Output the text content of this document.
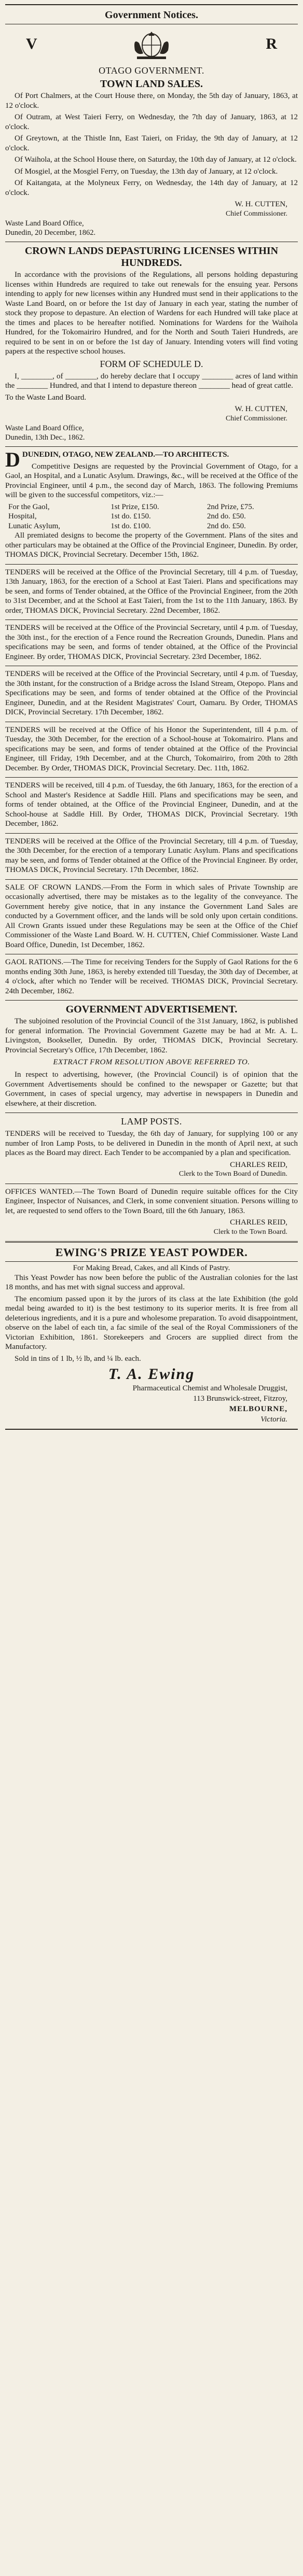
Government Notices.
V	R
OTAGO GOVERNMENT.
TOWN LAND SALES.

Of Port Chalmers, at the Court House there, on Monday, the 5th day of January, 1863, at 12 o'clock.

Of Outram, at West Taieri Ferry, on Wednesday, the 7th day of January, 1863, at 12 o'clock.

Of Greytown, at the Thistle Inn, East Taieri, on Friday, the 9th day of January, at 12 o'clock.

Of Waihola, at the School House there, on Saturday, the 10th day of January, at 12 o'clock.

Of Mosgiel, at the Mosgiel Ferry, on Tuesday, the 13th day of January, at 12 o'clock.

Of Kaitangata, at the Molyneux Ferry, on Wednesday, the 14th day of January, at 12 o'clock.

W. H. CUTTEN,
Chief Commissioner.
Waste Land Board Office,
Dunedin, 20 December, 1862.
CROWN LANDS DEPASTURING LICENSES WITHIN HUNDREDS.

In accordance with the provisions of the Regulations, all persons holding depasturing licenses within Hundreds are required to take out renewals for the ensuing year. Persons intending to apply for new licenses within any Hundred must send in their applications to the Waste Land Board, on or before the 1st day of January in each year, stating the number of stock they propose to depasture. An election of Wardens for each Hundred will take place at the times and places to be hereafter notified. Nominations for Wardens for the Waihola Hundred, for the Tokomairiro Hundred, and for the North and South Taieri Hundreds, are required to be sent in on or before the 1st day of January. Intending voters will find voting papers at the respective school houses.

FORM OF SCHEDULE D.

I, ________, of ________, do hereby declare that I occupy ________ acres of land within the ________ Hundred, and that I intend to depasture thereon ________ head of great cattle.

To the Waste Land Board.

W. H. CUTTEN,
Chief Commissioner.
Waste Land Board Office,
Dunedin, 13th Dec., 1862.

DDUNEDIN, OTAGO, NEW ZEALAND.—TO ARCHITECTS.

Competitive Designs are requested by the Provincial Government of Otago, for a Gaol, an Hospital, and a Lunatic Asylum. Drawings, &c., will be received at the Office of the Provincial Engineer, until 4 p.m., the second day of March, 1863. The following Premiums will be given to the successful competitors, viz.:—

For the Gaol,	1st Prize, £150.	2nd Prize, £75.
Hospital,	1st do. £150.	2nd do. £50.
Lunatic Asylum,	1st do. £100.	2nd do. £50.

All premiated designs to become the property of the Government. Plans of the sites and other particulars may be obtained at the Office of the Provincial Engineer, Dunedin. By order, THOMAS DICK, Provincial Secretary. December 15th, 1862.

TENDERS will be received at the Office of the Provincial Secretary, till 4 p.m. of Tuesday, 13th January, 1863, for the erection of a School at East Taieri. Plans and specifications may be seen, and forms of Tender obtained, at the Office of the Provincial Engineer, from the 20th to 31st December, and at the School at East Taieri, from the 1st to the 11th January, 1863. By order, THOMAS DICK, Provincial Secretary. 22nd December, 1862.

TENDERS will be received at the Office of the Provincial Secretary, until 4 p.m. of Tuesday, the 30th inst., for the erection of a Fence round the Recreation Grounds, Dunedin. Plans and specifications may be seen, and forms of tender obtained, at the Office of the Provincial Engineer. By order, THOMAS DICK, Provincial Secretary. 23rd December, 1862.

TENDERS will be received at the Office of the Provincial Secretary, until 4 p.m. of Tuesday, the 30th instant, for the construction of a Bridge across the Island Stream, Otepopo. Plans and Specifications may be seen, and forms of tender obtained at the Office of the Provincial Engineer, Dunedin, and at the Resident Magistrates' Court, Oamaru. By Order, THOMAS DICK, Provincial Secretary. 17th December, 1862.

TENDERS will be received at the Office of his Honor the Superintendent, till 4 p.m. of Tuesday, the 30th December, for the erection of a School-house at Tokomairiro. Plans and specifications may be seen, and forms of tender obtained at the Office of the Provincial Engineer, till Friday, 19th December, and at the Church, Tokomairiro, from 20th to 28th December. By Order, THOMAS DICK, Provincial Secretary. Dec. 11th, 1862.

TENDERS will be received, till 4 p.m. of Tuesday, the 6th January, 1863, for the erection of a School and Master's Residence at Saddle Hill. Plans and specifications may be seen, and forms of tender obtained, at the Office of the Provincial Engineer, Dunedin, and at the School-house at Saddle Hill. By Order, THOMAS DICK, Provincial Secretary. 19th December, 1862.

TENDERS will be received at the Office of the Provincial Secretary, till 4 p.m. of Tuesday, the 30th December, for the erection of a temporary Lunatic Asylum. Plans and specifications may be seen, and forms of Tender obtained at the Office of the Provincial Engineer. By order, THOMAS DICK, Provincial Secretary. 17th December, 1862.

SALE OF CROWN LANDS.—From the Form in which sales of Private Township are occasionally advertised, there may be mistakes as to the legality of the conveyance. The Government hereby give notice, that in any instance the Government Land Sales are conducted by a Government officer, and the lands will be sold only upon certain conditions. All Crown Grants issued under these Regulations may be seen at the Office of the Chief Commissioner of the Waste Land Board. W. H. CUTTEN, Chief Commissioner. Waste Land Board Office, Dunedin, 1st December, 1862.

GAOL RATIONS.—The Time for receiving Tenders for the Supply of Gaol Rations for the 6 months ending 30th June, 1863, is hereby extended till Tuesday, the 30th day of December, at 4 o'clock, after which no Tender will be received. THOMAS DICK, Provincial Secretary. 24th December, 1862.

GOVERNMENT ADVERTISEMENT.

The subjoined resolution of the Provincial Council of the 31st January, 1862, is published for general information. The Provincial Government Gazette may be had at Mr. A. L. Livingston, Bookseller, Dunedin. By order, THOMAS DICK, Provincial Secretary. Provincial Secretary's Office, 17th December, 1862.

EXTRACT FROM RESOLUTION ABOVE REFERRED TO.

In respect to advertising, however, (the Provincial Council) is of opinion that the Government Advertisements should be confined to the newspaper or Gazette; but that Government, in cases of special urgency, may advertise in newspapers in Dunedin and elsewhere, at their discretion.

LAMP POSTS.

TENDERS will be received to Tuesday, the 6th day of January, for supplying 100 or any number of Iron Lamp Posts, to be delivered in Dunedin in the month of April next, at such places as the Board may direct. Each Tender to be accompanied by a plan and specification.

CHARLES REID,
Clerk to the Town Board of Dunedin.

OFFICES WANTED.—The Town Board of Dunedin require suitable offices for the City Engineer, Inspector of Nuisances, and Clerk, in some convenient situation. Persons willing to let, are requested to send offers to the Town Board, till the 6th January, 1863.

CHARLES REID,
Clerk to the Town Board.
EWING'S PRIZE YEAST POWDER.
For Making Bread, Cakes, and all Kinds of Pastry.

This Yeast Powder has now been before the public of the Australian colonies for the last 18 months, and has met with signal success and approval.

The encomium passed upon it by the jurors of its class at the late Exhibition (the gold medal being awarded to it) is the best testimony to its superior merits. It is free from all deleterious ingredients, and it is a pure and wholesome preparation. To avoid disappointment, observe on the label of each tin, a fac simile of the seal of the Royal Commissioners of the Victorian Exhibition, 1861. Storekeepers and Grocers are supplied direct from the Manufactory.

Sold in tins of 1 lb, ½ lb, and ¼ lb. each.

T. A. Ewing
Pharmaceutical Chemist and Wholesale Druggist,
113 Brunswick-street, Fitzroy,
MELBOURNE,
Victoria.
